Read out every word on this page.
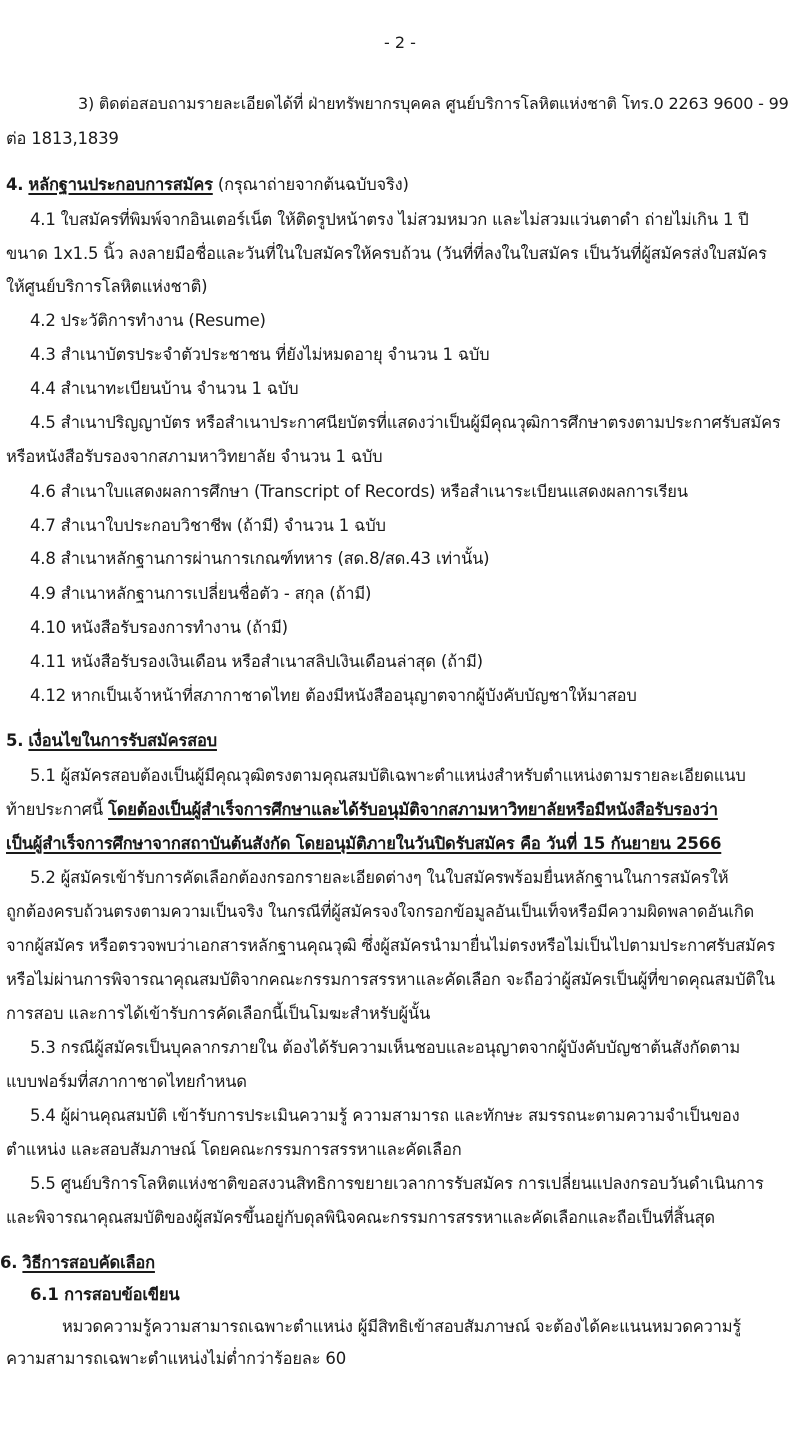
- 2 -
3) ติดต่อสอบถามรายละเอียดได้ที่ ฝ่ายทรัพยากรบุคคล ศูนย์บริการโลหิตแห่งชาติ โทร.0 2263 9600 - 99
ต่อ 1813,1839
4. หลักฐานประกอบการสมัคร (กรุณาถ่ายจากต้นฉบับจริง)
4.1 ใบสมัครที่พิมพ์จากอินเตอร์เน็ต ให้ติดรูปหน้าตรง ไม่สวมหมวก และไม่สวมแว่นตาดำ ถ่ายไม่เกิน 1 ปี
ขนาด 1x1.5 นิ้ว ลงลายมือชื่อและวันที่ในใบสมัครให้ครบถ้วน (วันที่ที่ลงในใบสมัคร เป็นวันที่ผู้สมัครส่งใบสมัคร
ให้ศูนย์บริการโลหิตแห่งชาติ)
4.2 ประวัติการทำงาน (Resume)
4.3 สำเนาบัตรประจำตัวประชาชน ที่ยังไม่หมดอายุ จำนวน 1 ฉบับ
4.4 สำเนาทะเบียนบ้าน จำนวน 1 ฉบับ
4.5 สำเนาปริญญาบัตร หรือสำเนาประกาศนียบัตรที่แสดงว่าเป็นผู้มีคุณวุฒิการศึกษาตรงตามประกาศรับสมัคร
หรือหนังสือรับรองจากสภามหาวิทยาลัย จำนวน 1 ฉบับ
4.6 สำเนาใบแสดงผลการศึกษา (Transcript of Records) หรือสำเนาระเบียนแสดงผลการเรียน
4.7 สำเนาใบประกอบวิชาชีพ (ถ้ามี) จำนวน 1 ฉบับ
4.8 สำเนาหลักฐานการผ่านการเกณฑ์ทหาร (สด.8/สด.43 เท่านั้น)
4.9 สำเนาหลักฐานการเปลี่ยนชื่อตัว - สกุล (ถ้ามี)
4.10 หนังสือรับรองการทำงาน (ถ้ามี)
4.11 หนังสือรับรองเงินเดือน หรือสำเนาสลิปเงินเดือนล่าสุด (ถ้ามี)
4.12 หากเป็นเจ้าหน้าที่สภากาชาดไทย ต้องมีหนังสืออนุญาตจากผู้บังคับบัญชาให้มาสอบ
5. เงื่อนไขในการรับสมัครสอบ
5.1 ผู้สมัครสอบต้องเป็นผู้มีคุณวุฒิตรงตามคุณสมบัติเฉพาะตำแหน่งสำหรับตำแหน่งตามรายละเอียดแนบ
ท้ายประกาศนี้ โดยต้องเป็นผู้สำเร็จการศึกษาและได้รับอนุมัติจากสภามหาวิทยาลัยหรือมีหนังสือรับรองว่า
เป็นผู้สำเร็จการศึกษาจากสถาบันต้นสังกัด โดยอนุมัติภายในวันปิดรับสมัคร คือ วันที่ 15 กันยายน 2566
5.2 ผู้สมัครเข้ารับการคัดเลือกต้องกรอกรายละเอียดต่างๆ ในใบสมัครพร้อมยื่นหลักฐานในการสมัครให้
ถูกต้องครบถ้วนตรงตามความเป็นจริง ในกรณีที่ผู้สมัครจงใจกรอกข้อมูลอันเป็นเท็จหรือมีความผิดพลาดอันเกิด
จากผู้สมัคร หรือตรวจพบว่าเอกสารหลักฐานคุณวุฒิ ซึ่งผู้สมัครนำมายื่นไม่ตรงหรือไม่เป็นไปตามประกาศรับสมัคร
หรือไม่ผ่านการพิจารณาคุณสมบัติจากคณะกรรมการสรรหาและคัดเลือก จะถือว่าผู้สมัครเป็นผู้ที่ขาดคุณสมบัติใน
การสอบ และการได้เข้ารับการคัดเลือกนี้เป็นโมฆะสำหรับผู้นั้น
5.3 กรณีผู้สมัครเป็นบุคลากรภายใน ต้องได้รับความเห็นชอบและอนุญาตจากผู้บังคับบัญชาต้นสังกัดตาม
แบบฟอร์มที่สภากาชาดไทยกำหนด
5.4 ผู้ผ่านคุณสมบัติ เข้ารับการประเมินความรู้ ความสามารถ และทักษะ สมรรถนะตามความจำเป็นของ
ตำแหน่ง และสอบสัมภาษณ์ โดยคณะกรรมการสรรหาและคัดเลือก
5.5 ศูนย์บริการโลหิตแห่งชาติขอสงวนสิทธิการขยายเวลาการรับสมัคร การเปลี่ยนแปลงกรอบวันดำเนินการ
และพิจารณาคุณสมบัติของผู้สมัครขึ้นอยู่กับดุลพินิจคณะกรรมการสรรหาและคัดเลือกและถือเป็นที่สิ้นสุด
6. วิธีการสอบคัดเลือก
6.1 การสอบข้อเขียน
หมวดความรู้ความสามารถเฉพาะตำแหน่ง ผู้มีสิทธิเข้าสอบสัมภาษณ์ จะต้องได้คะแนนหมวดความรู้
ความสามารถเฉพาะตำแหน่งไม่ต่ำกว่าร้อยละ 60
